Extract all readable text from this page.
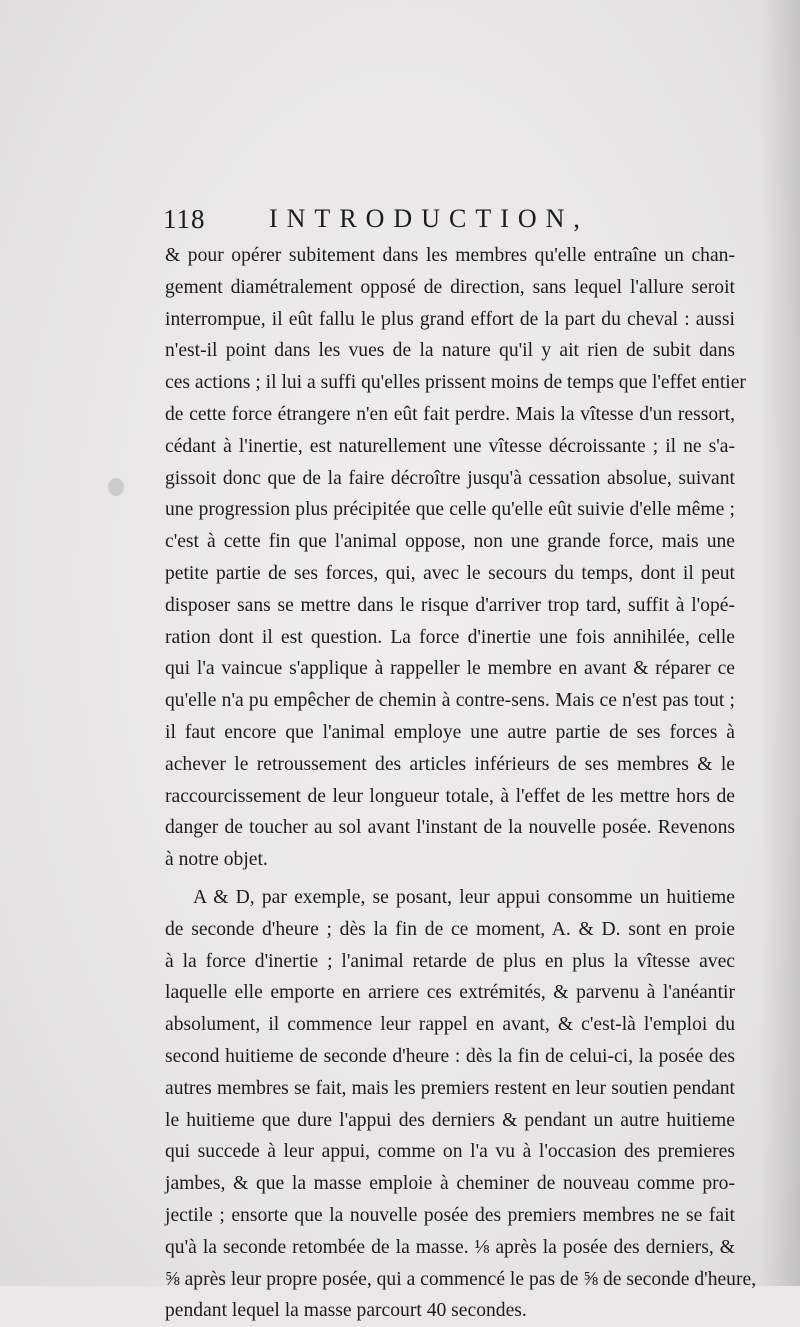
118 INTRODUCTION,
& pour opérer subitement dans les membres qu'elle entraîne un chan-
gement diamétralement opposé de direction, sans lequel l'allure seroit
interrompue, il eût fallu le plus grand effort de la part du cheval : aussi
n'est-il point dans les vues de la nature qu'il y ait rien de subit dans
ces actions ; il lui a suffi qu'elles prissent moins de temps que l'effet entier
de cette force étrangere n'en eût fait perdre. Mais la vîtesse d'un ressort,
cédant à l'inertie, est naturellement une vîtesse décroissante ; il ne s'a-
gissoit donc que de la faire décroître jusqu'à cessation absolue, suivant
une progression plus précipitée que celle qu'elle eût suivie d'elle même ;
c'est à cette fin que l'animal oppose, non une grande force, mais une
petite partie de ses forces, qui, avec le secours du temps, dont il peut
disposer sans se mettre dans le risque d'arriver trop tard, suffit à l'opé-
ration dont il est question. La force d'inertie une fois annihilée, celle
qui l'a vaincue s'applique à rappeller le membre en avant & réparer ce
qu'elle n'a pu empêcher de chemin à contre-sens. Mais ce n'est pas tout ;
il faut encore que l'animal employe une autre partie de ses forces à
achever le retroussement des articles inférieurs de ses membres & le
raccourcissement de leur longueur totale, à l'effet de les mettre hors de
danger de toucher au sol avant l'instant de la nouvelle posée. Revenons
à notre objet.
A & D, par exemple, se posant, leur appui consomme un huitieme
de seconde d'heure ; dès la fin de ce moment, A. & D. sont en proie
à la force d'inertie ; l'animal retarde de plus en plus la vîtesse avec
laquelle elle emporte en arriere ces extrémités, & parvenu à l'anéantir
absolument, il commence leur rappel en avant, & c'est-là l'emploi du
second huitieme de seconde d'heure : dès la fin de celui-ci, la posée des
autres membres se fait, mais les premiers restent en leur soutien pendant
le huitieme que dure l'appui des derniers & pendant un autre huitieme
qui succede à leur appui, comme on l'a vu à l'occasion des premieres
jambes, & que la masse emploie à cheminer de nouveau comme pro-
jectile ; ensorte que la nouvelle posée des premiers membres ne se fait
qu'à la seconde retombée de la masse. ⅛ après la posée des derniers, &
⅝ après leur propre posée, qui a commencé le pas de ⅝ de seconde d'heure,
pendant lequel la masse parcourt 40 secondes.
